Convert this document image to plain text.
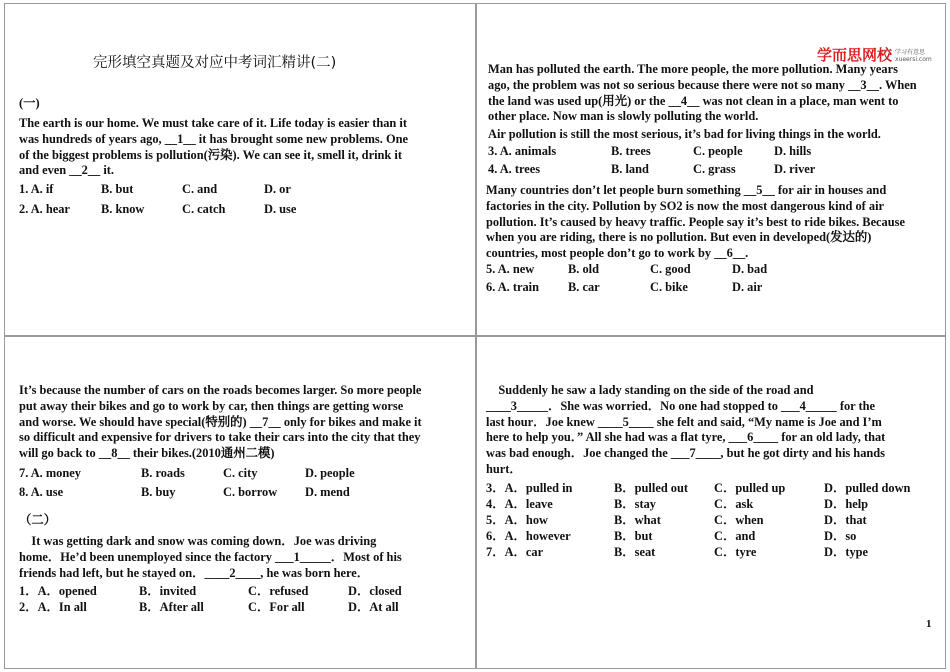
完形填空真题及对应中考词汇精讲(二)
(一)
The earth is our home. We must take care of it. Life today is easier than it
was hundreds of years ago, __1__ it has brought some new problems. One
of the biggest problems is pollution(污染). We can see it, smell it, drink it
and even __2__ it.
1. A. if	B. but	C. and	D. or
2. A. hear	B. know	C. catch	D. use
学而思网校 学习有意思
xueersi.com
Man has polluted the earth. The more people, the more pollution. Many years
ago, the problem was not so serious because there were not so many __3__. When
the land was used up(用光) or the __4__ was not clean in a place, man went to
other place. Now man is slowly polluting the world.
Air pollution is still the most serious, it’s bad for living things in the world.
3. A. animals	B. trees	C. people	D. hills
4. A. trees	B. land	C. grass	D. river
Many countries don’t let people burn something __5__ for air in houses and
factories in the city. Pollution by SO2 is now the most dangerous kind of air
pollution. It’s caused by heavy traffic. People say it’s best to ride bikes. Because
when you are riding, there is no pollution. But even in developed(发达的)
countries, most people don’t go to work by __6__.
5. A. new	B. old	C. good	D. bad
6. A. train B. car	C. bike	D. air
It’s because the number of cars on the roads becomes larger. So more people
put away their bikes and go to work by car, then things are getting worse
and worse. We should have special(特别的) __7__ only for bikes and make it
so difficult and expensive for drivers to take their cars into the city that they
will go back to __8__ their bikes.(2010通州二模)
7. A. money	B. roads	C. city	D. people
8. A. use	B. buy	C. borrow D. mend
（二）
It was getting dark and snow was coming down．Joe was driving
home．He’d been unemployed since the factory ___1_____．Most of his
friends had left, but he stayed on．____2____, he was born here．
1．A．opened	B．invited	C．refused	D．closed
2．A．In all	B．After all	C．For all	D．At all
Suddenly he saw a lady standing on the side of the road and
____3_____．She was worried．No one had stopped to ___4_____ for the
last hour．Joe knew ____5____ she felt and said, “My name is Joe and I’m
here to help you．” All she had was a flat tyre, ___6____ for an old lady, that
was bad enough．Joe changed the ___7____, but he got dirty and his hands
hurt．
3．A．pulled in	B．pulled out C．pulled up	D．pulled down
4．A．leave	B．stay	C．ask	D．help
5．A．how	B．what	C．when	D．that
6．A．however	B．but	C．and	D．so
7．A．car	B．seat	C．tyre	D．type
1
